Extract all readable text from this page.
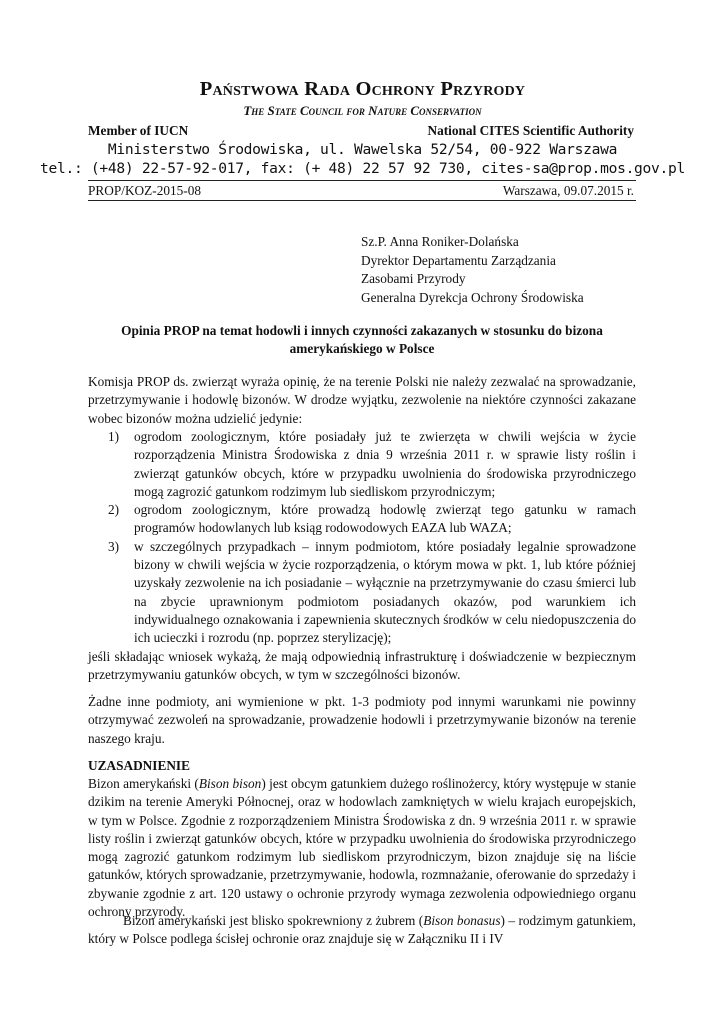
Państwowa Rada Ochrony Przyrody
The State Council for Nature Conservation
Member of IUCN	National CITES Scientific Authority
Ministerstwo Środowiska, ul. Wawelska 52/54, 00-922 Warszawa
tel.: (+48) 22-57-92-017, fax: (+ 48) 22 57 92 730, cites-sa@prop.mos.gov.pl
PROP/KOZ-2015-08	Warszawa, 09.07.2015 r.
Sz.P. Anna Roniker-Dolańska
Dyrektor Departamentu Zarządzania
Zasobami Przyrody
Generalna Dyrekcja Ochrony Środowiska
Opinia PROP na temat hodowli i innych czynności zakazanych w stosunku do bizona amerykańskiego w Polsce
Komisja PROP ds. zwierząt wyraża opinię, że na terenie Polski nie należy zezwalać na sprowadzanie, przetrzymywanie i hodowlę bizonów. W drodze wyjątku, zezwolenie na niektóre czynności zakazane wobec bizonów można udzielić jedynie:
1) ogrodom zoologicznym, które posiadały już te zwierzęta w chwili wejścia w życie rozporządzenia Ministra Środowiska z dnia 9 września 2011 r. w sprawie listy roślin i zwierząt gatunków obcych, które w przypadku uwolnienia do środowiska przyrodniczego mogą zagrozić gatunkom rodzimym lub siedliskom przyrodniczym;
2) ogrodom zoologicznym, które prowadzą hodowlę zwierząt tego gatunku w ramach programów hodowlanych lub ksiąg rodowodowych EAZA lub WAZA;
3) w szczególnych przypadkach – innym podmiotom, które posiadały legalnie sprowadzone bizony w chwili wejścia w życie rozporządzenia, o którym mowa w pkt. 1, lub które później uzyskały zezwolenie na ich posiadanie – wyłącznie na przetrzymywanie do czasu śmierci lub na zbycie uprawnionym podmiotom posiadanych okazów, pod warunkiem ich indywidualnego oznakowania i zapewnienia skutecznych środków w celu niedopuszczenia do ich ucieczki i rozrodu (np. poprzez sterylizację);
jeśli składając wniosek wykażą, że mają odpowiednią infrastrukturę i doświadczenie w bezpiecznym przetrzymywaniu gatunków obcych, w tym w szczególności bizonów.
Żadne inne podmioty, ani wymienione w pkt. 1-3 podmioty pod innymi warunkami nie powinny otrzymywać zezwoleń na sprowadzanie, prowadzenie hodowli i przetrzymywanie bizonów na terenie naszego kraju.
UZASADNIENIE
Bizon amerykański (Bison bison) jest obcym gatunkiem dużego roślinożercy, który występuje w stanie dzikim na terenie Ameryki Północnej, oraz w hodowlach zamkniętych w wielu krajach europejskich, w tym w Polsce. Zgodnie z rozporządzeniem Ministra Środowiska z dn. 9 września 2011 r. w sprawie listy roślin i zwierząt gatunków obcych, które w przypadku uwolnienia do środowiska przyrodniczego mogą zagrozić gatunkom rodzimym lub siedliskom przyrodniczym, bizon znajduje się na liście gatunków, których sprowadzanie, przetrzymywanie, hodowla, rozmnażanie, oferowanie do sprzedaży i zbywanie zgodnie z art. 120 ustawy o ochronie przyrody wymaga zezwolenia odpowiedniego organu ochrony przyrody.
Bizon amerykański jest blisko spokrewniony z żubrem (Bison bonasus) – rodzimym gatunkiem, który w Polsce podlega ścisłej ochronie oraz znajduje się w Załączniku II i IV
